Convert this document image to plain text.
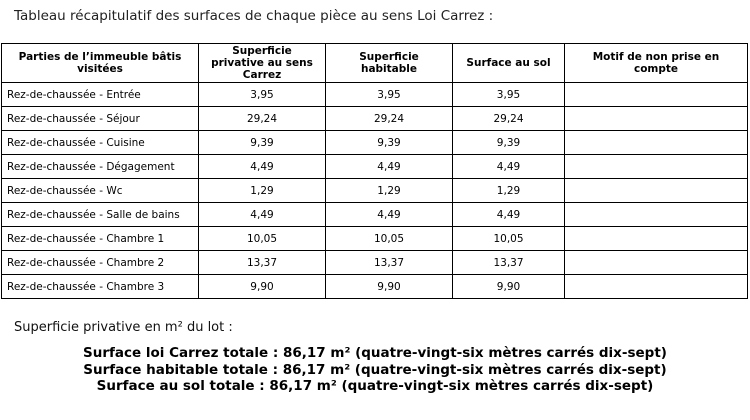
Tableau récapitulatif des surfaces de chaque pièce au sens Loi Carrez :
Parties de l’immeuble bâtis visitées	Superficie privative au sens Carrez	Superficie habitable	Surface au sol	Motif de non prise en compte
Rez-de-chaussée - Entrée	3,95	3,95	3,95	
Rez-de-chaussée - Séjour	29,24	29,24	29,24	
Rez-de-chaussée - Cuisine	9,39	9,39	9,39	
Rez-de-chaussée - Dégagement	4,49	4,49	4,49	
Rez-de-chaussée - Wc	1,29	1,29	1,29	
Rez-de-chaussée - Salle de bains	4,49	4,49	4,49	
Rez-de-chaussée - Chambre 1	10,05	10,05	10,05	
Rez-de-chaussée - Chambre 2	13,37	13,37	13,37	
Rez-de-chaussée - Chambre 3	9,90	9,90	9,90	
Superficie privative en m² du lot :
Surface loi Carrez totale : 86,17 m² (quatre-vingt-six mètres carrés dix-sept)
Surface habitable totale : 86,17 m² (quatre-vingt-six mètres carrés dix-sept)
Surface au sol totale : 86,17 m² (quatre-vingt-six mètres carrés dix-sept)
